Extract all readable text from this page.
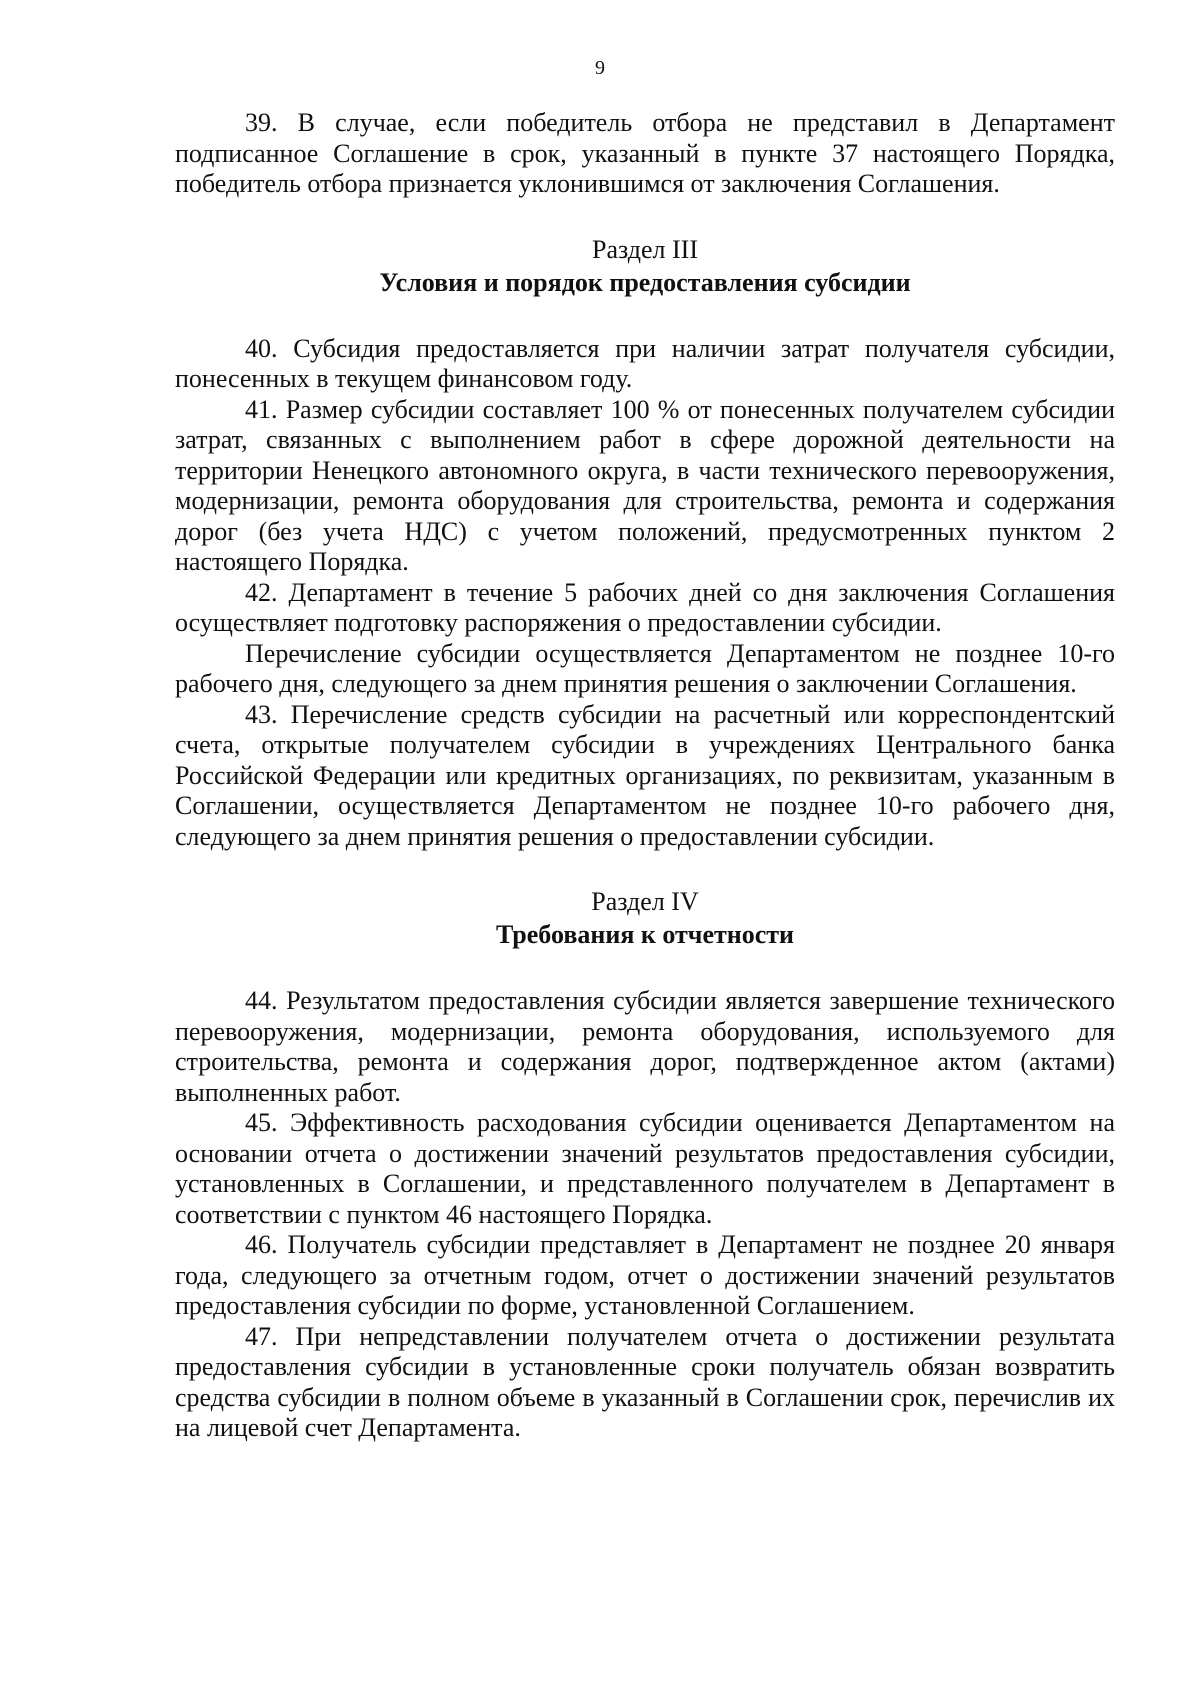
9

39. В случае, если победитель отбора не представил в Департамент подписанное Соглашение в срок, указанный в пункте 37 настоящего Порядка, победитель отбора признается уклонившимся от заключения Соглашения.

Раздел III

Условия и порядок предоставления субсидии

40. Субсидия предоставляется при наличии затрат получателя субсидии, понесенных в текущем финансовом году.

41. Размер субсидии составляет 100 % от понесенных получателем субсидии затрат, связанных с выполнением работ в сфере дорожной деятельности на территории Ненецкого автономного округа, в части технического перевооружения, модернизации, ремонта оборудования для строительства, ремонта и содержания дорог (без учета НДС) с учетом положений, предусмотренных пунктом 2 настоящего Порядка.

42. Департамент в течение 5 рабочих дней со дня заключения Соглашения осуществляет подготовку распоряжения о предоставлении субсидии.

Перечисление субсидии осуществляется Департаментом не позднее 10-го рабочего дня, следующего за днем принятия решения о заключении Соглашения.

43. Перечисление средств субсидии на расчетный или корреспондентский счета, открытые получателем субсидии в учреждениях Центрального банка Российской Федерации или кредитных организациях, по реквизитам, указанным в Соглашении, осуществляется Департаментом не позднее 10-го рабочего дня, следующего за днем принятия решения о предоставлении субсидии.

Раздел IV

Требования к отчетности

44. Результатом предоставления субсидии является завершение технического перевооружения, модернизации, ремонта оборудования, используемого для строительства, ремонта и содержания дорог, подтвержденное актом (актами) выполненных работ.

45. Эффективность расходования субсидии оценивается Департаментом на основании отчета о достижении значений результатов предоставления субсидии, установленных в Соглашении, и представленного получателем в Департамент в соответствии с пунктом 46 настоящего Порядка.

46. Получатель субсидии представляет в Департамент не позднее 20 января года, следующего за отчетным годом, отчет о достижении значений результатов предоставления субсидии по форме, установленной Соглашением.

47. При непредставлении получателем отчета о достижении результата предоставления субсидии в установленные сроки получатель обязан возвратить средства субсидии в полном объеме в указанный в Соглашении срок, перечислив их на лицевой счет Департамента.
